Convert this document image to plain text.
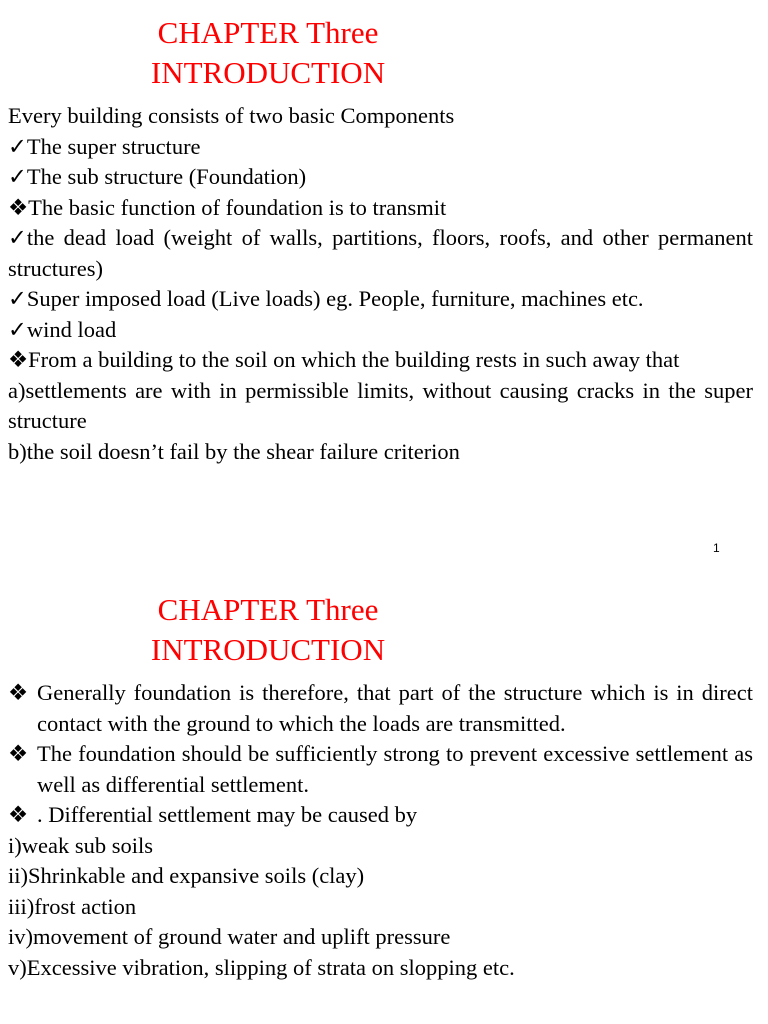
CHAPTER Three
INTRODUCTION
Every building consists of two basic Components
✓The super structure
✓The sub structure (Foundation)
❖The basic function of foundation is to transmit
✓the dead load (weight of walls, partitions, floors, roofs, and other permanent structures)
✓Super imposed load (Live loads) eg. People, furniture, machines etc.
✓wind load
❖From a building to the soil on which the building rests in such away that
a)settlements are with in permissible limits, without causing cracks in the super structure
b)the soil doesn’t fail by the shear failure criterion
1
CHAPTER Three
INTRODUCTION
❖ Generally foundation is therefore, that part of the structure which is in direct contact with the ground to which the loads are transmitted.
❖ The foundation should be sufficiently strong to prevent excessive settlement as well as differential settlement.
❖ . Differential settlement may be caused by
i)weak sub soils
ii)Shrinkable and expansive soils (clay)
iii)frost action
iv)movement of ground water and uplift pressure
v)Excessive vibration, slipping of strata on slopping etc.
